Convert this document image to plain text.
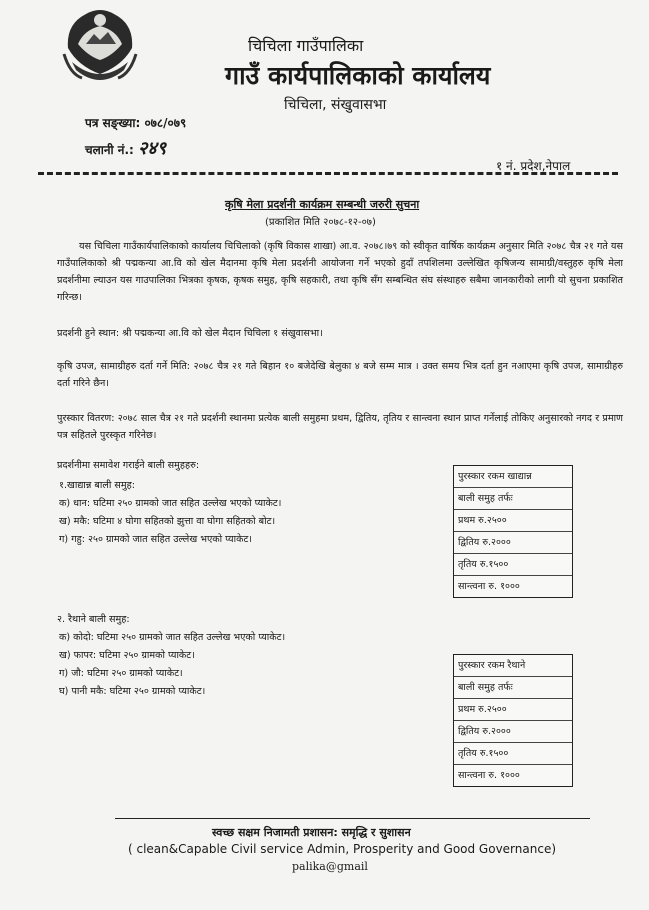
चिचिला गाउँपालिका
गाउँ कार्यपालिकाको कार्यालय
चिचिला, संखुवासभा
पत्र सङ्ख्या: ०७८/०७९
चलानी नं.: २४९
१ नं. प्रदेश,नेपाल
कृषि मेला प्रदर्शनी कार्यक्रम सम्बन्धी जरुरी सुचना
(प्रकाशित मिति २०७८-१२-०७)
यस चिचिला गाउँकार्यपालिकाको कार्यालय चिचिलाको (कृषि विकास शाखा) आ.व. २०७८।७९ को स्वीकृत वार्षिक कार्यक्रम अनुसार मिति २०७८ चैत्र २१ गते यस गाउँपालिकाको श्री पद्मकन्या आ.वि को खेल मैदानमा कृषि मेला प्रदर्शनी आयोजना गर्ने भएको हुदाँ तपशिलमा उल्लेखित कृषिजन्य सामाग्री/वस्तुहरु कृषि मेला प्रदर्शनीमा ल्याउन यस गाउपालिका भित्रका कृषक, कृषक समुह, कृषि सहकारी, तथा कृषि सँग सम्बन्धित संघ संस्थाहरु सबैमा जानकारीको लागी यो सुचना प्रकाशित गरिन्छ।
प्रदर्शनी हुने स्थान: श्री पद्मकन्या आ.वि को खेल मैदान चिचिला १ संखुवासभा।
कृषि उपज, सामाग्रीहरु दर्ता गर्ने मिति: २०७८ चैत्र २१ गते बिहान १० बजेदेखि बेलुका ४ बजे सम्म मात्र । उक्त समय भित्र दर्ता हुन नआएमा कृषि उपज, सामाग्रीहरु दर्ता गरिने छैन।
पुरस्कार वितरण: २०७८ साल चैत्र २१ गते प्रदर्शनी स्थानमा प्रत्येक बाली समुहमा प्रथम, द्वितिय, तृतिय र सान्त्वना स्थान प्राप्त गर्नेलाई तोकिए अनुसारको नगद र प्रमाण पत्र सहितले पुरस्कृत गरिनेछ।
प्रदर्शनीमा समावेश गराईने बाली समुहहरु:
१.खाद्यान्न बाली समुह:
क) धान: घटिमा २५० ग्रामको जात सहित उल्लेख भएको प्याकेट।
ख) मकै: घटिमा ४ घोगा सहितको झुत्ता वा घोगा सहितको बोट।
ग) गहु: २५० ग्रामको जात सहित उल्लेख भएको प्याकेट।
पुरस्कार रकम खाद्यान्न
बाली समुह तर्फः
प्रथम रु.२५००
द्वितिय रु.२०००
तृतिय रु.१५००
सान्त्वना रु. १०००
२. रैथाने बाली समुह:
क) कोदो: घटिमा २५० ग्रामको जात सहित उल्लेख भएको प्याकेट।
ख) फापर: घटिमा २५० ग्रामको प्याकेट।
ग) जौ: घटिमा २५० ग्रामको प्याकेट।
घ) पानी मकै: घटिमा २५० ग्रामको प्याकेट।
पुरस्कार रकम रैथाने
बाली समुह तर्फः
प्रथम रु.२५००
द्वितिय रु.२०००
तृतिय रु.१५००
सान्त्वना रु. १०००
स्वच्छ सक्षम निजामती प्रशासन: समृद्धि र सुशासन
( clean&Capable Civil service Admin, Prosperity and Good Governance)
palika@gmail
